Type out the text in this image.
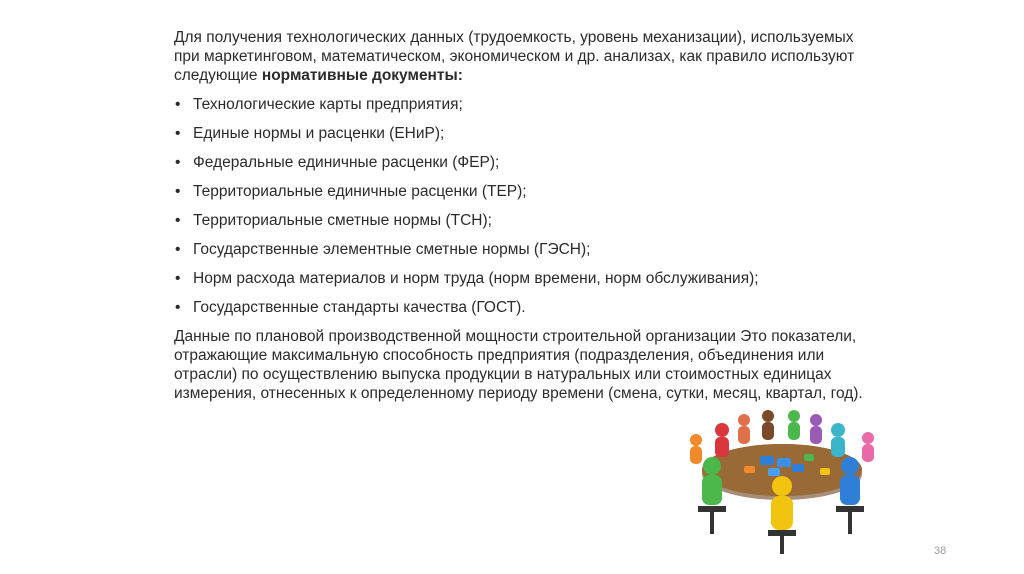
Для получения технологических данных (трудоемкость, уровень механизации), используемых при маркетинговом, математическом, экономическом и др. анализах, как правило используют следующие нормативные документы:

• Технологические карты предприятия;
• Единые нормы и расценки (ЕНиР);
• Федеральные единичные расценки (ФЕР);
• Территориальные единичные расценки (ТЕР);
• Территориальные сметные нормы (ТСН);
• Государственные элементные сметные нормы (ГЭСН);
• Норм расхода материалов и норм труда (норм времени, норм обслуживания);
• Государственные стандарты качества (ГОСТ).

Данные по плановой производственной мощности строительной организации Это показатели, отражающие максимальную способность предприятия (подразделения, объединения или отрасли) по осуществлению выпуска продукции в натуральных или стоимостных единицах измерения, отнесенных к определенному периоду времени (смена, сутки, месяц, квартал, год).

38
